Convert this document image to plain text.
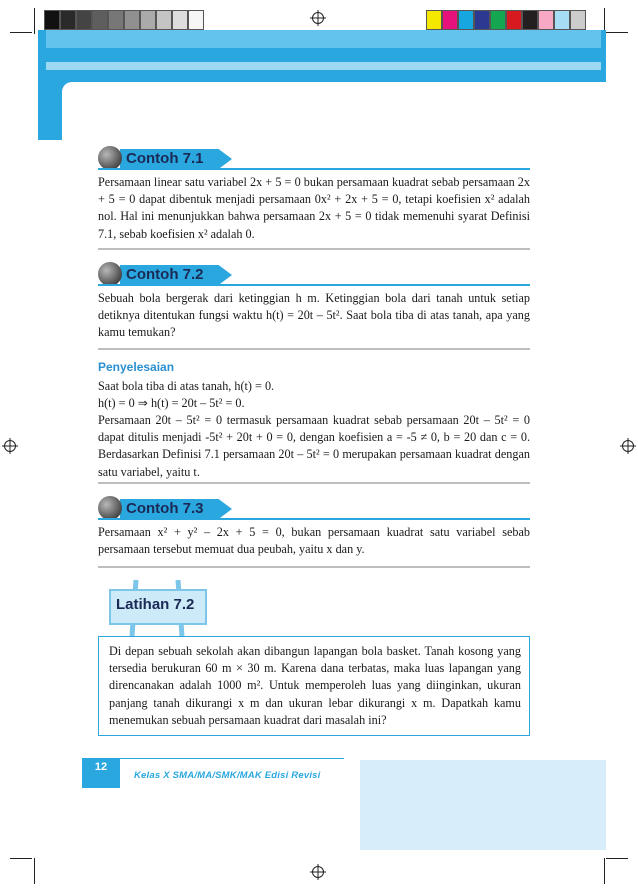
Contoh 7.1
Persamaan linear satu variabel 2x + 5 = 0 bukan persamaan kuadrat sebab persamaan 2x + 5 = 0 dapat dibentuk menjadi persamaan 0x² + 2x + 5 = 0, tetapi koefisien x² adalah nol. Hal ini menunjukkan bahwa persamaan 2x + 5 = 0 tidak memenuhi syarat Definisi 7.1, sebab koefisien x² adalah 0.
Contoh 7.2
Sebuah bola bergerak dari ketinggian h m. Ketinggian bola dari tanah untuk setiap detiknya ditentukan fungsi waktu h(t) = 20t – 5t². Saat bola tiba di atas tanah, apa yang kamu temukan?
Penyelesaian
Saat bola tiba di atas tanah, h(t) = 0.
h(t) = 0 ⇒ h(t) = 20t – 5t² = 0.
Persamaan 20t – 5t² = 0 termasuk persamaan kuadrat sebab persamaan 20t – 5t² = 0 dapat ditulis menjadi -5t² + 20t + 0 = 0, dengan koefisien a = -5 ≠ 0, b = 20 dan c = 0. Berdasarkan Definisi 7.1 persamaan 20t – 5t² = 0 merupakan persamaan kuadrat dengan satu variabel, yaitu t.
Contoh 7.3
Persamaan x² + y² – 2x + 5 = 0, bukan persamaan kuadrat satu variabel sebab persamaan tersebut memuat dua peubah, yaitu x dan y.
Latihan 7.2
Di depan sebuah sekolah akan dibangun lapangan bola basket. Tanah kosong yang tersedia berukuran 60 m × 30 m. Karena dana terbatas, maka luas lapangan yang direncanakan adalah 1000 m². Untuk memperoleh luas yang diinginkan, ukuran panjang tanah dikurangi x m dan ukuran lebar dikurangi x m. Dapatkah kamu menemukan sebuah persamaan kuadrat dari masalah ini?
12
Kelas X SMA/MA/SMK/MAK Edisi Revisi
